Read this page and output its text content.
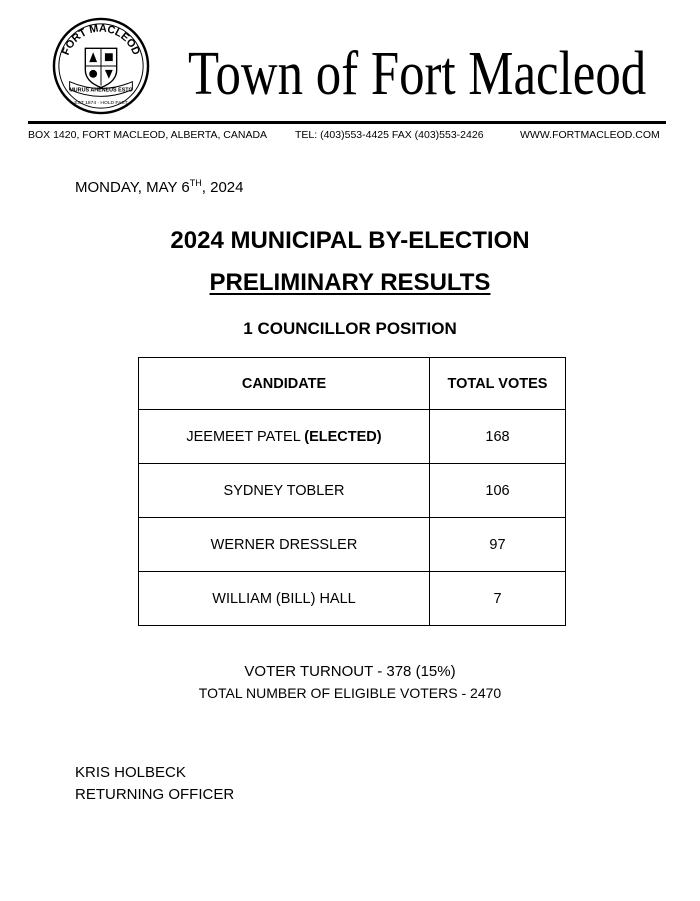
FORT MACLEOD
MURUS AHENEUS ESTO
EST 1874 · HOLD FAST Town of Fort Macleod
BOX 1420, FORT MACLEOD, ALBERTA, CANADA	TEL: (403)553-4425 FAX (403)553-2426	WWW.FORTMACLEOD.COM
MONDAY, MAY 6TH, 2024
2024 MUNICIPAL BY-ELECTION
PRELIMINARY RESULTS
1 COUNCILLOR POSITION
CANDIDATE	TOTAL VOTES
JEEMEET PATEL (ELECTED)	168
SYDNEY TOBLER	106
WERNER DRESSLER	97
WILLIAM (BILL) HALL	7
VOTER TURNOUT - 378 (15%)
TOTAL NUMBER OF ELIGIBLE VOTERS - 2470
KRIS HOLBECK
RETURNING OFFICER
